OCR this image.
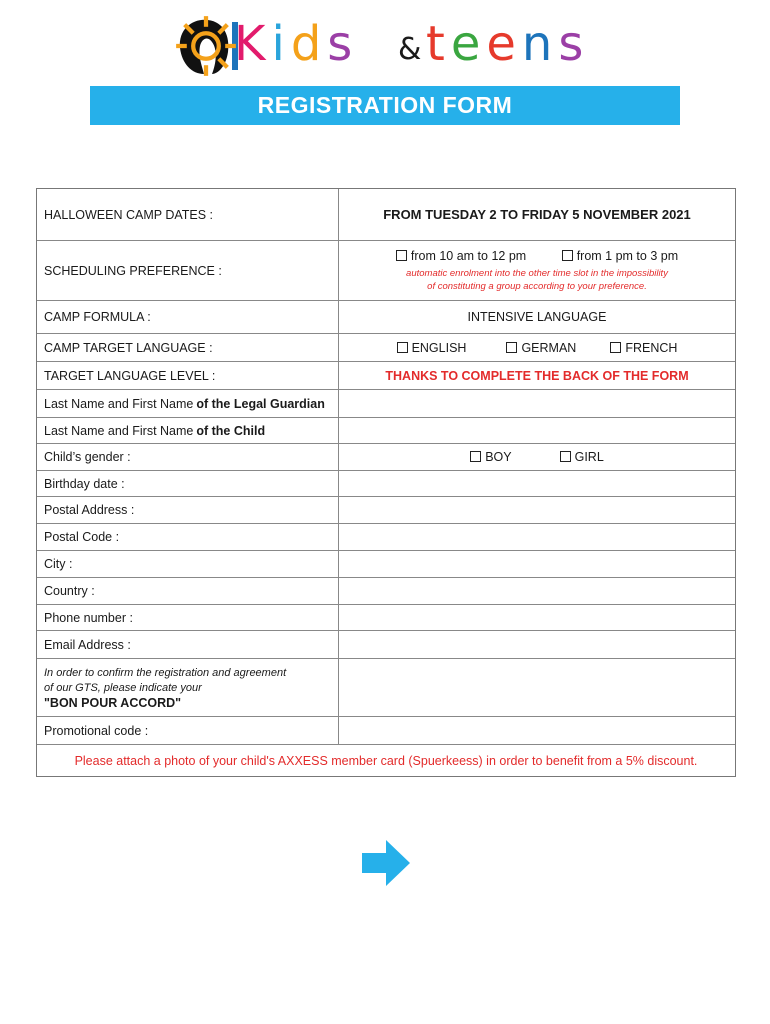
Kids & teens
REGISTRATION FORM
HALLOWEEN CAMP DATES :	FROM TUESDAY 2 TO FRIDAY 5 NOVEMBER 2021
SCHEDULING PREFERENCE :
from 10 am to 12 pm	from 1 pm to 3 pm
automatic enrolment into the other time slot in the impossibility
of constituting a group according to your preference.
CAMP FORMULA :	INTENSIVE LANGUAGE
CAMP TARGET LANGUAGE :	ENGLISH	GERMAN	FRENCH
TARGET LANGUAGE LEVEL :	THANKS TO COMPLETE THE BACK OF THE FORM
Last Name and First Name of the Legal Guardian
Last Name and First Name of the Child
Child’s gender :	BOY	GIRL
Birthday date :
Postal Address :
Postal Code :
City :
Country :
Phone number :
Email Address :
In order to confirm the registration and agreement
of our GTS, please indicate your
"BON POUR ACCORD"
Promotional code :
Please attach a photo of your child's AXXESS member card (Spuerkeess) in order to benefit from a 5% discount.
